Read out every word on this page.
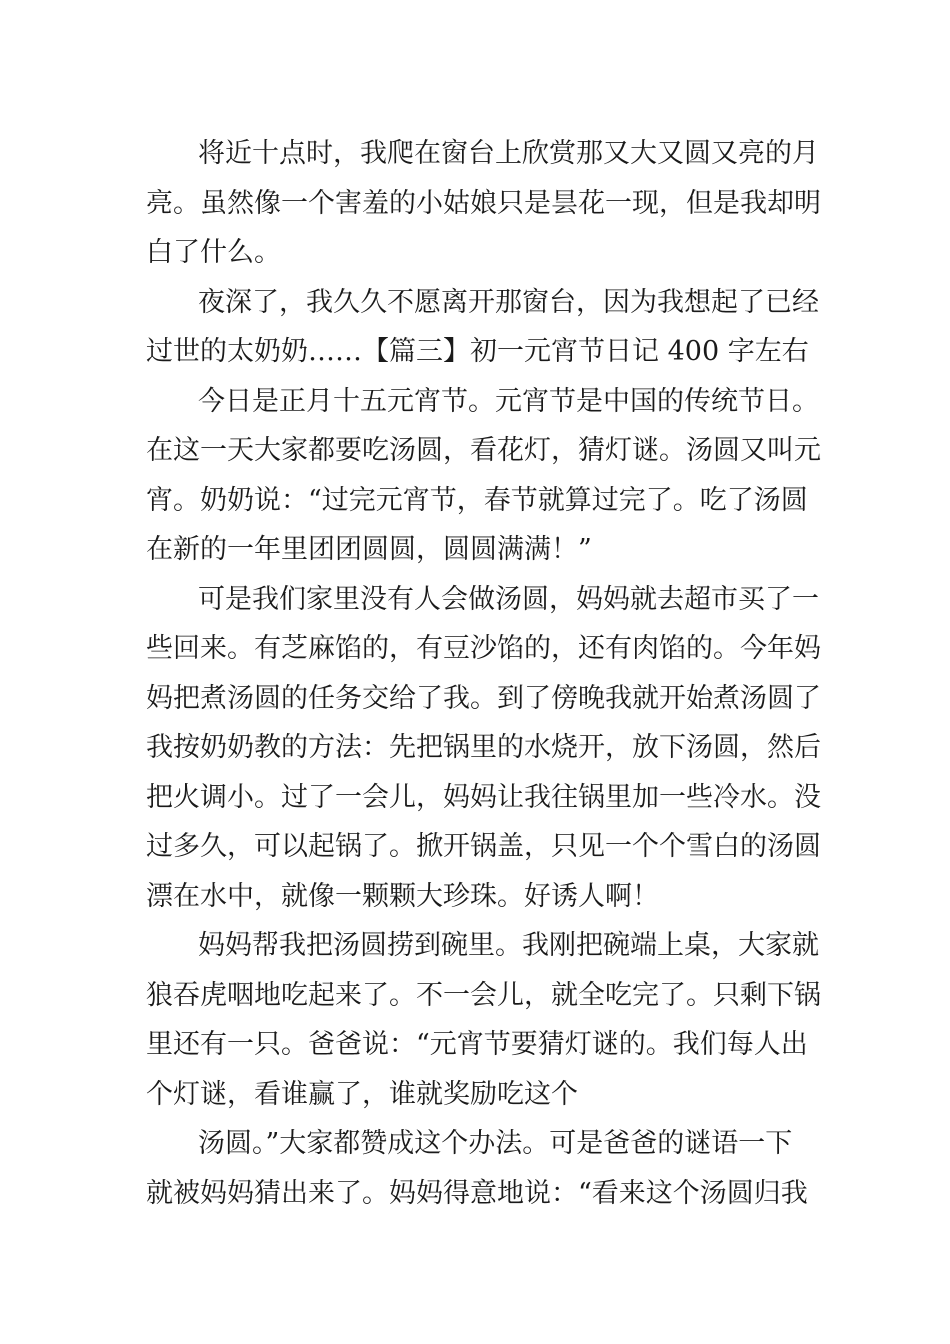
将近十点时，我爬在窗台上欣赏那又大又圆又亮的月
亮。虽然像一个害羞的小姑娘只是昙花一现，但是我却明
白了什么。
夜深了，我久久不愿离开那窗台，因为我想起了已经
过世的太奶奶……【篇三】初一元宵节日记 400 字左右
今日是正月十五元宵节。元宵节是中国的传统节日。
在这一天大家都要吃汤圆，看花灯，猜灯谜。汤圆又叫元
宵。奶奶说：“过完元宵节，春节就算过完了。吃了汤圆
在新的一年里团团圆圆，圆圆满满！”
可是我们家里没有人会做汤圆，妈妈就去超市买了一
些回来。有芝麻馅的，有豆沙馅的，还有肉馅的。今年妈
妈把煮汤圆的任务交给了我。到了傍晚我就开始煮汤圆了
我按奶奶教的方法：先把锅里的水烧开，放下汤圆，然后
把火调小。过了一会儿，妈妈让我往锅里加一些冷水。没
过多久，可以起锅了。掀开锅盖，只见一个个雪白的汤圆
漂在水中，就像一颗颗大珍珠。好诱人啊！
妈妈帮我把汤圆捞到碗里。我刚把碗端上桌，大家就
狼吞虎咽地吃起来了。不一会儿，就全吃完了。只剩下锅
里还有一只。爸爸说：“元宵节要猜灯谜的。我们每人出
个灯谜，看谁赢了，谁就奖励吃这个
汤圆。”大家都赞成这个办法。可是爸爸的谜语一下
就被妈妈猜出来了。妈妈得意地说：“看来这个汤圆归我
